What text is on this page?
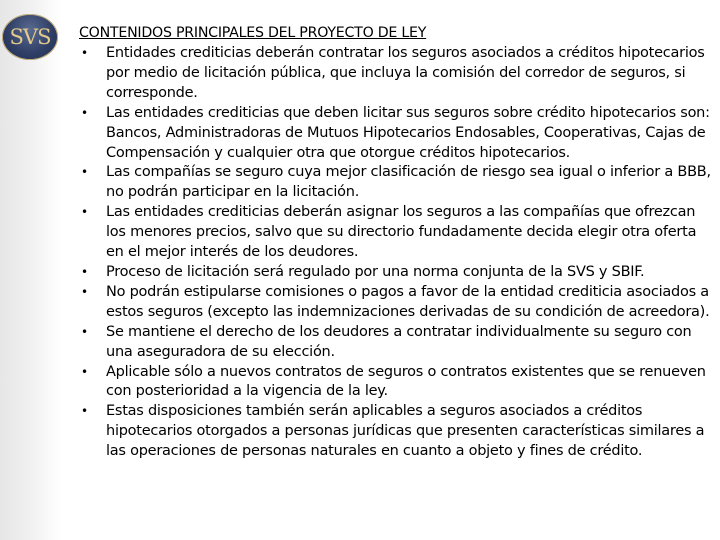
SVS CONTENIDOS PRINCIPALES DEL PROYECTO DE LEY
• Entidades crediticias deberán contratar los seguros asociados a créditos hipotecarios por medio de licitación pública, que incluya la comisión del corredor de seguros, si corresponde.
• Las entidades crediticias que deben licitar sus seguros sobre crédito hipotecarios son: Bancos, Administradoras de Mutuos Hipotecarios Endosables, Cooperativas, Cajas de Compensación y cualquier otra que otorgue créditos hipotecarios.
• Las compañías se seguro cuya mejor clasificación de riesgo sea igual o inferior a BBB, no podrán participar en la licitación.
• Las entidades crediticias deberán asignar los seguros a las compañías que ofrezcan los menores precios, salvo que su directorio fundadamente decida elegir otra oferta en el mejor interés de los deudores.
• Proceso de licitación será regulado por una norma conjunta de la SVS y SBIF.
• No podrán estipularse comisiones o pagos a favor de la entidad crediticia asociados a estos seguros (excepto las indemnizaciones derivadas de su condición de acreedora).
• Se mantiene el derecho de los deudores a contratar individualmente su seguro con una aseguradora de su elección.
• Aplicable sólo a nuevos contratos de seguros o contratos existentes que se renueven con posterioridad a la vigencia de la ley.
• Estas disposiciones también serán aplicables a seguros asociados a créditos hipotecarios otorgados a personas jurídicas que presenten características similares a las operaciones de personas naturales en cuanto a objeto y fines de crédito.
